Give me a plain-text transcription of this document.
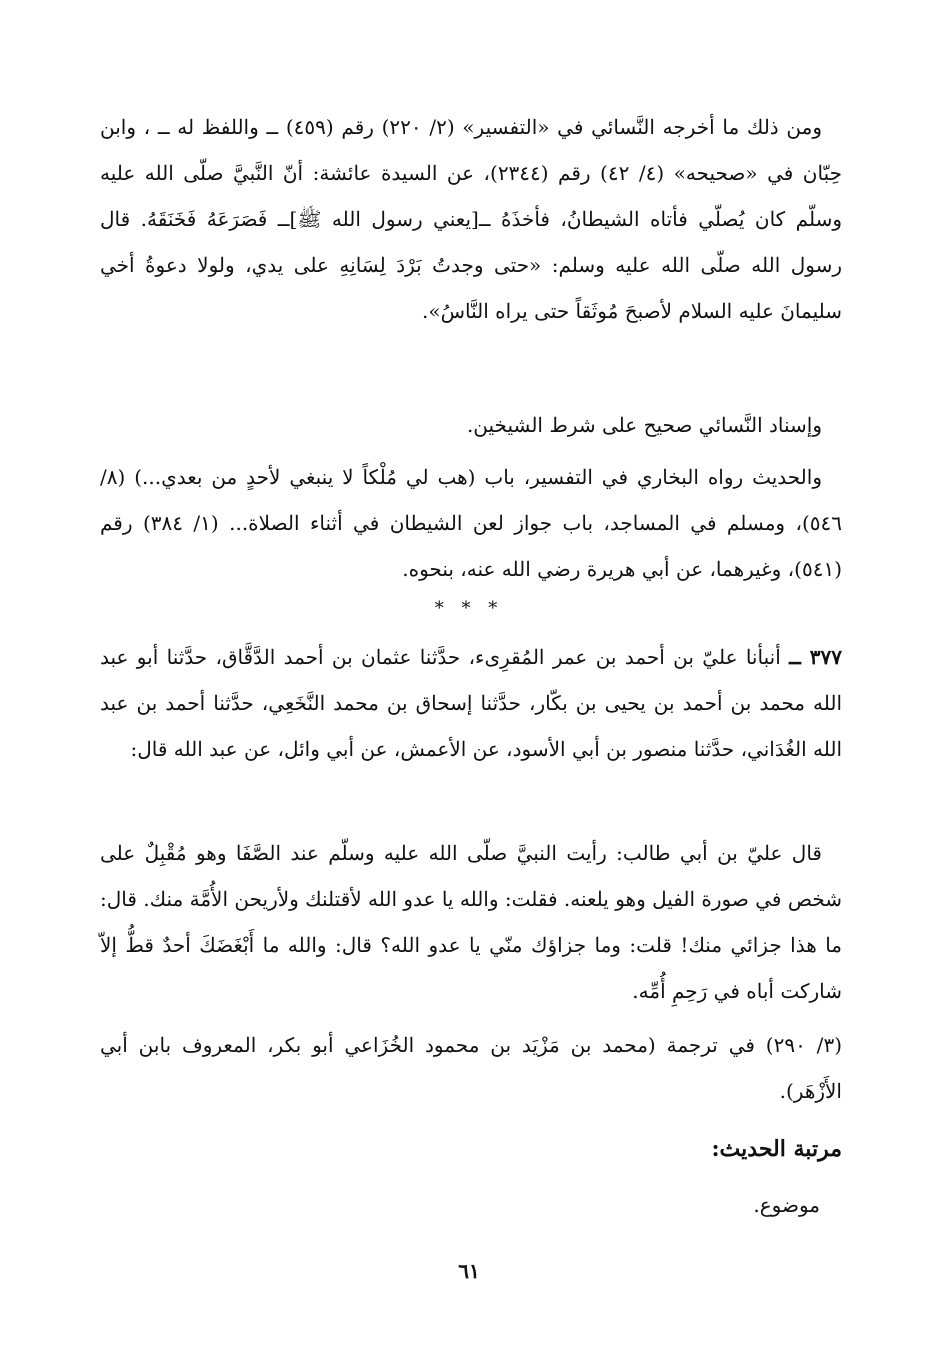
ومن ذلك ما أخرجه النَّسائي في «التفسير» (٢/ ٢٢٠) رقم (٤٥٩) ــ واللفظ له ــ ، وابن حِبّان في «صحيحه» (٤/ ٤٢) رقم (٢٣٤٤)، عن السيدة عائشة: أنّ النَّبيَّ صلّى الله عليه وسلّم كان يُصلّي فأتاه الشيطانُ، فأخذَهُ ــ[يعني رسول الله ﷺ]ــ فَصَرَعَهُ فَخَنَقَهُ. قال رسول الله صلّى الله عليه وسلم: «حتى وجدتُ بَرْدَ لِسَانِهِ على يدي، ولولا دعوةُ أخي سليمانَ عليه السلام لأصبحَ مُوثَقاً حتى يراه النَّاسُ».
وإسناد النَّسائي صحيح على شرط الشيخين.
والحديث رواه البخاري في التفسير، باب (هب لي مُلْكاً لا ينبغي لأحدٍ من بعدي...) (٨/ ٥٤٦)، ومسلم في المساجد، باب جواز لعن الشيطان في أثناء الصلاة... (١/ ٣٨٤) رقم (٥٤١)، وغيرهما، عن أبي هريرة رضي الله عنه، بنحوه.
* * *
٣٧٧ ــ أنبأنا عليّ بن أحمد بن عمر المُقرِىء، حدَّثنا عثمان بن أحمد الدَّقَّاق، حدَّثنا أبو عبد الله محمد بن أحمد بن يحيى بن بكّار، حدَّثنا إسحاق بن محمد النَّخَعِي، حدَّثنا أحمد بن عبد الله الغُدَاني، حدَّثنا منصور بن أبي الأسود، عن الأعمش، عن أبي وائل، عن عبد الله قال:
قال عليّ بن أبي طالب: رأيت النبيَّ صلّى الله عليه وسلّم عند الصَّفَا وهو مُقْبِلٌ على شخص في صورة الفيل وهو يلعنه. فقلت: والله يا عدو الله لأقتلنك ولأريحن الأُمَّة منك. قال: ما هذا جزائي منك! قلت: وما جزاؤك منّي يا عدو الله؟ قال: والله ما أَبْغَضَكَ أحدٌ قطُّ إلاّ شاركت أباه في رَحِمِ أُمِّه.
(٣/ ٢٩٠) في ترجمة (محمد بن مَزْيَد بن محمود الخُزَاعي أبو بكر، المعروف بابن أبي الأَزْهَر).
مرتبة الحديث:
موضوع.
٦١
